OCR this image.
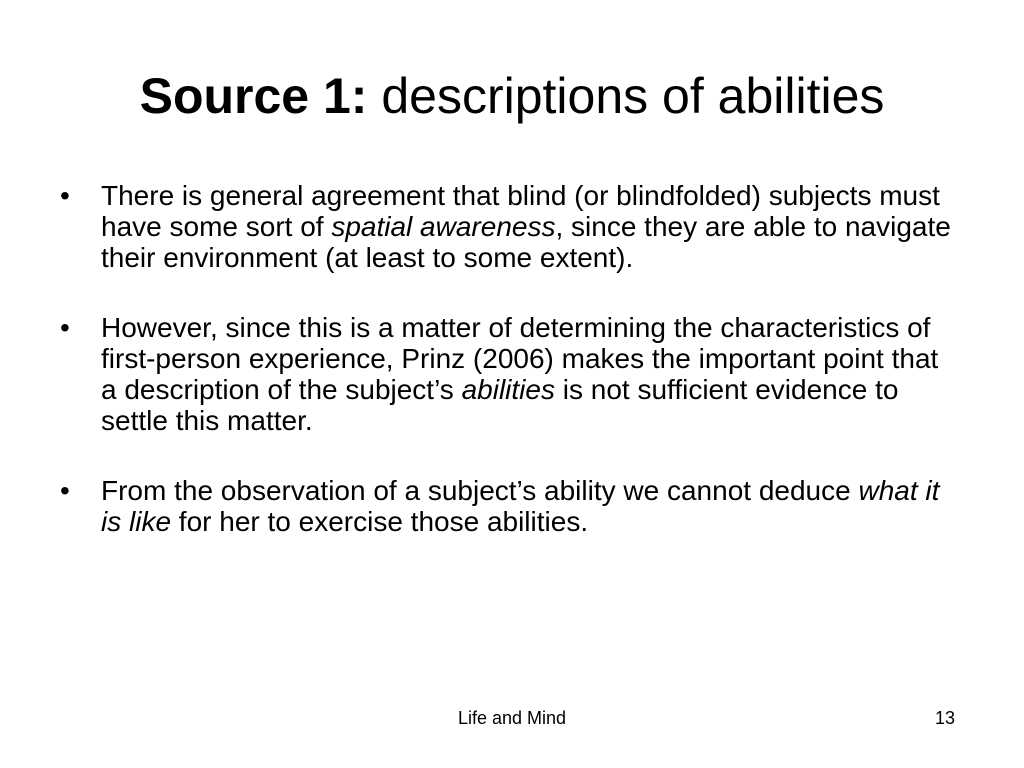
Source 1: descriptions of abilities
• There is general agreement that blind (or blindfolded) subjects must have some sort of spatial awareness, since they are able to navigate their environment (at least to some extent).
• However, since this is a matter of determining the characteristics of first-person experience, Prinz (2006) makes the important point that a description of the subject’s abilities is not sufficient evidence to settle this matter.
• From the observation of a subject’s ability we cannot deduce what it is like for her to exercise those abilities.
Life and Mind	13
